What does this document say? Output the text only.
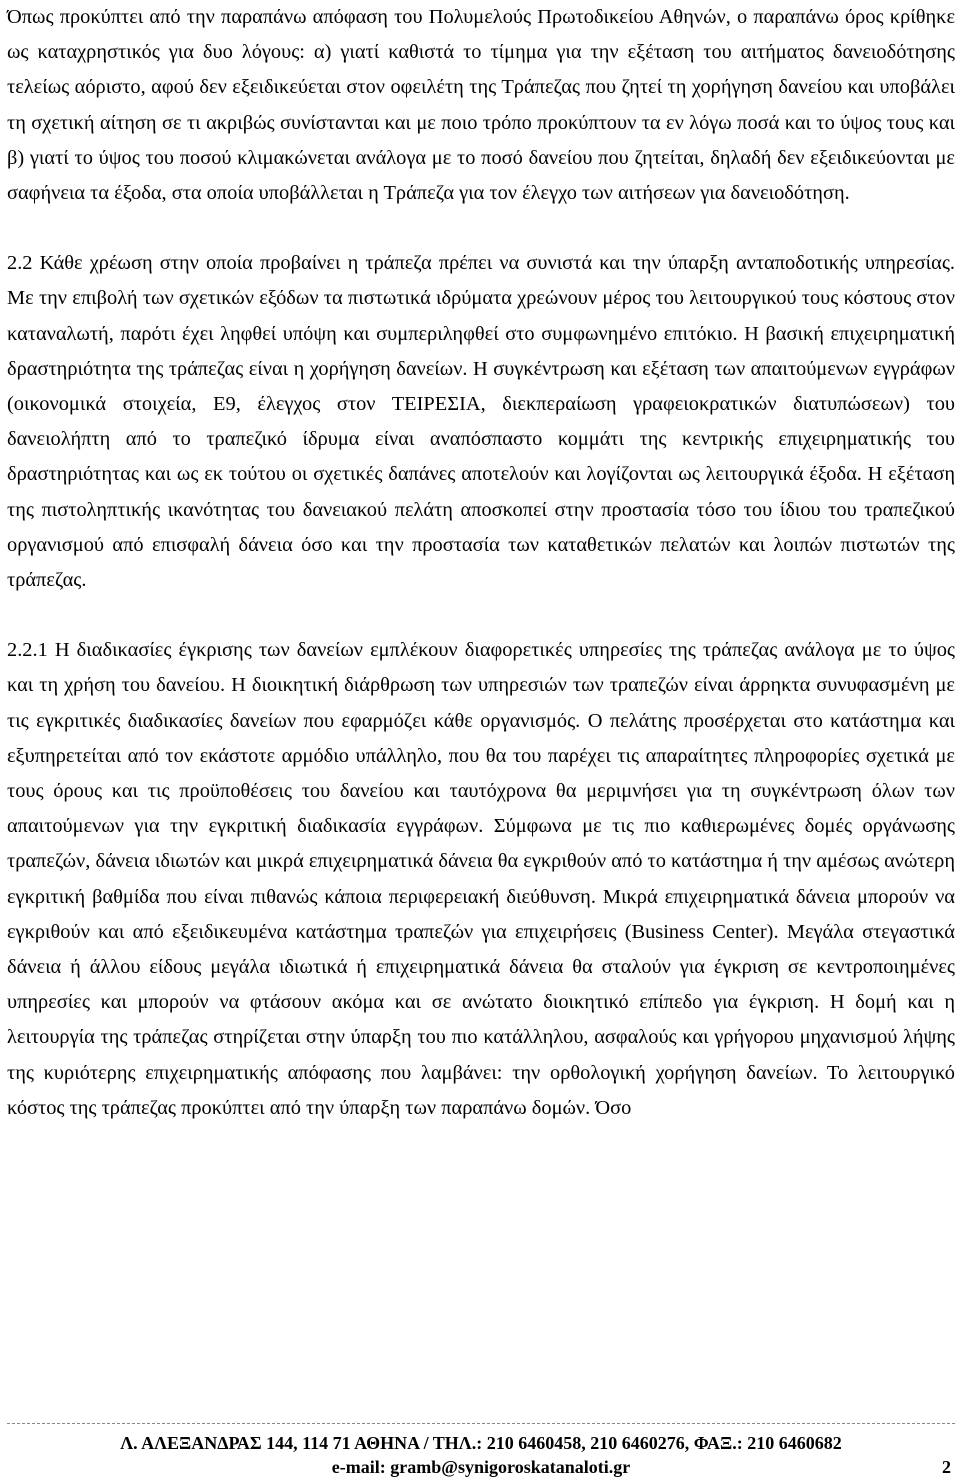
Όπως προκύπτει από την παραπάνω απόφαση του Πολυμελούς Πρωτοδικείου Αθηνών, ο παραπάνω όρος κρίθηκε ως καταχρηστικός για δυο λόγους: α) γιατί καθιστά το τίμημα για την εξέταση του αιτήματος δανειοδότησης τελείως αόριστο, αφού δεν εξειδικεύεται στον οφειλέτη της Τράπεζας που ζητεί τη χορήγηση δανείου και υποβάλει τη σχετική αίτηση σε τι ακριβώς συνίστανται και με ποιο τρόπο προκύπτουν τα εν λόγω ποσά και το ύψος τους και β) γιατί το ύψος του ποσού κλιμακώνεται ανάλογα με το ποσό δανείου που ζητείται, δηλαδή δεν εξειδικεύονται με σαφήνεια τα έξοδα, στα οποία υποβάλλεται η Τράπεζα για τον έλεγχο των αιτήσεων για δανειοδότηση.

2.2 Κάθε χρέωση στην οποία προβαίνει η τράπεζα πρέπει να συνιστά και την ύπαρξη ανταποδοτικής υπηρεσίας. Με την επιβολή των σχετικών εξόδων τα πιστωτικά ιδρύματα χρεώνουν μέρος του λειτουργικού τους κόστους στον καταναλωτή, παρότι έχει ληφθεί υπόψη και συμπεριληφθεί στο συμφωνημένο επιτόκιο. Η βασική επιχειρηματική δραστηριότητα της τράπεζας είναι η χορήγηση δανείων. Η συγκέντρωση και εξέταση των απαιτούμενων εγγράφων (οικονομικά στοιχεία, Ε9, έλεγχος στον ΤΕΙΡΕΣΙΑ, διεκπεραίωση γραφειοκρατικών διατυπώσεων) του δανειολήπτη από το τραπεζικό ίδρυμα είναι αναπόσπαστο κομμάτι της κεντρικής επιχειρηματικής του δραστηριότητας και ως εκ τούτου οι σχετικές δαπάνες αποτελούν και λογίζονται ως λειτουργικά έξοδα. Η εξέταση της πιστοληπτικής ικανότητας του δανειακού πελάτη αποσκοπεί στην προστασία τόσο του ίδιου του τραπεζικού οργανισμού από επισφαλή δάνεια όσο και την προστασία των καταθετικών πελατών και λοιπών πιστωτών της τράπεζας.

2.2.1 Η διαδικασίες έγκρισης των δανείων εμπλέκουν διαφορετικές υπηρεσίες της τράπεζας ανάλογα με το ύψος και τη χρήση του δανείου. Η διοικητική διάρθρωση των υπηρεσιών των τραπεζών είναι άρρηκτα συνυφασμένη με τις εγκριτικές διαδικασίες δανείων που εφαρμόζει κάθε οργανισμός. Ο πελάτης προσέρχεται στο κατάστημα και εξυπηρετείται από τον εκάστοτε αρμόδιο υπάλληλο, που θα του παρέχει τις απαραίτητες πληροφορίες σχετικά με τους όρους και τις προϋποθέσεις του δανείου και ταυτόχρονα θα μεριμνήσει για τη συγκέντρωση όλων των απαιτούμενων για την εγκριτική διαδικασία εγγράφων. Σύμφωνα με τις πιο καθιερωμένες δομές οργάνωσης τραπεζών, δάνεια ιδιωτών και μικρά επιχειρηματικά δάνεια θα εγκριθούν από το κατάστημα ή την αμέσως ανώτερη εγκριτική βαθμίδα που είναι πιθανώς κάποια περιφερειακή διεύθυνση. Μικρά επιχειρηματικά δάνεια μπορούν να εγκριθούν και από εξειδικευμένα κατάστημα τραπεζών για επιχειρήσεις (Business Center). Μεγάλα στεγαστικά δάνεια ή άλλου είδους μεγάλα ιδιωτικά ή επιχειρηματικά δάνεια θα σταλούν για έγκριση σε κεντροποιημένες υπηρεσίες και μπορούν να φτάσουν ακόμα και σε ανώτατο διοικητικό επίπεδο για έγκριση. Η δομή και η λειτουργία της τράπεζας στηρίζεται στην ύπαρξη του πιο κατάλληλου, ασφαλούς και γρήγορου μηχανισμού λήψης της κυριότερης επιχειρηματικής απόφασης που λαμβάνει: την ορθολογική χορήγηση δανείων. Το λειτουργικό κόστος της τράπεζας προκύπτει από την ύπαρξη των παραπάνω δομών. Όσο

Λ. ΑΛΕΞΑΝΔΡΑΣ 144, 114 71 ΑΘΗΝΑ / ΤΗΛ.: 210 6460458, 210 6460276, ΦΑΞ.: 210 6460682
e-mail: gramb@synigoroskatanaloti.gr	2
